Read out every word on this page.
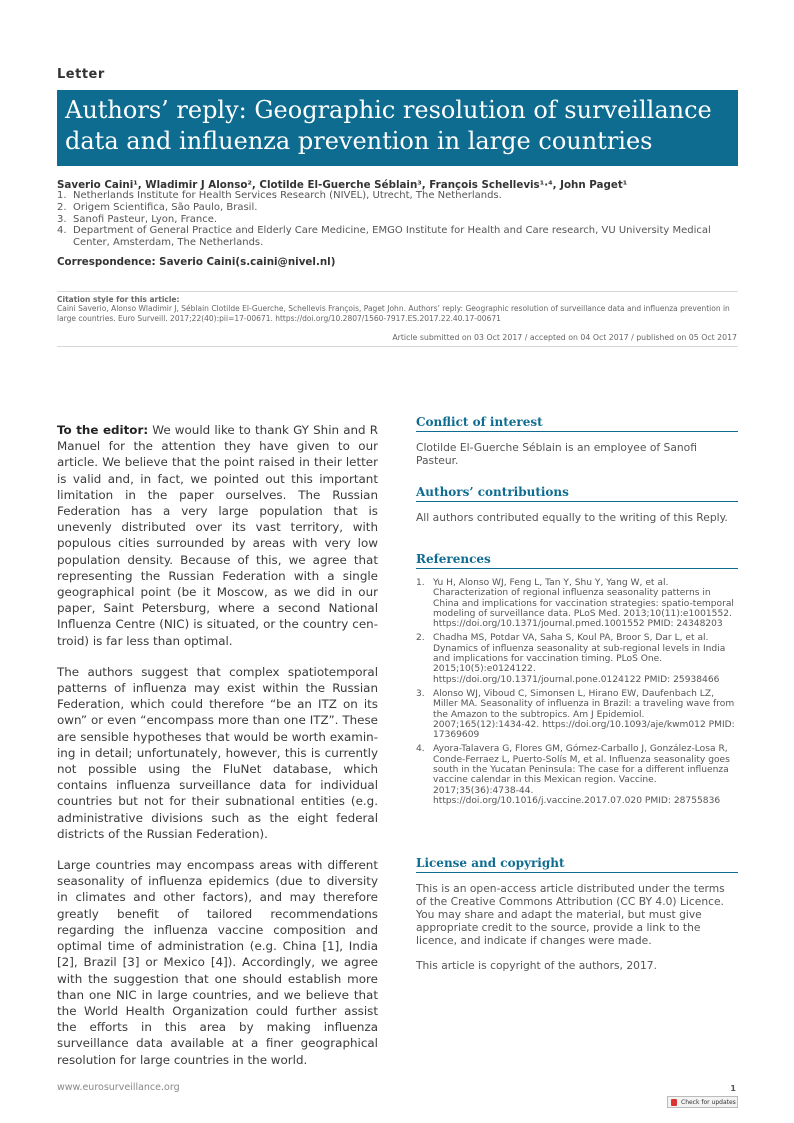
Letter
Authors’ reply: Geographic resolution of surveillance
data and influenza prevention in large countries
Saverio Caini¹, Wladimir J Alonso², Clotilde El-Guerche Séblain³, François Schellevis¹·⁴, John Paget¹
1. Netherlands Institute for Health Services Research (NIVEL), Utrecht, The Netherlands.
2. Origem Scientifica, São Paulo, Brasil.
3. Sanofi Pasteur, Lyon, France.
4. Department of General Practice and Elderly Care Medicine, EMGO Institute for Health and Care research, VU University Medical Center, Amsterdam, The Netherlands.
Correspondence: Saverio Caini(s.caini@nivel.nl)
Citation style for this article:
Caini Saverio, Alonso Wladimir J, Séblain Clotilde El-Guerche, Schellevis François, Paget John. Authors’ reply: Geographic resolution of surveillance data and influenza prevention in large countries. Euro Surveill. 2017;22(40):pii=17-00671. https://doi.org/10.2807/1560-7917.ES.2017.22.40.17-00671
Article submitted on 03 Oct 2017 / accepted on 04 Oct 2017 / published on 05 Oct 2017

To the editor: We would like to thank GY Shin and R Manuel for the attention they have given to our article. We believe that the point raised in their letter is valid and, in fact, we pointed out this important limitation in the paper ourselves. The Russian Federation has a very large population that is unevenly distributed over its vast territory, with populous cities surrounded by areas with very low population density. Because of this, we agree that representing the Russian Federation with a single geographical point (be it Moscow, as we did in our paper, Saint Petersburg, where a second National Influenza Centre (NIC) is situated, or the country centroid) is far less than optimal.

The authors suggest that complex spatiotemporal patterns of influenza may exist within the Russian Federation, which could therefore “be an ITZ on its own” or even “encompass more than one ITZ”. These are sensible hypotheses that would be worth examining in detail; unfortunately, however, this is currently not possible using the FluNet database, which contains influenza surveillance data for individual countries but not for their subnational entities (e.g. administrative divisions such as the eight federal districts of the Russian Federation).

Large countries may encompass areas with different seasonality of influenza epidemics (due to diversity in climates and other factors), and may therefore greatly benefit of tailored recommendations regarding the influenza vaccine composition and optimal time of administration (e.g. China [1], India [2], Brazil [3] or Mexico [4]). Accordingly, we agree with the suggestion that one should establish more than one NIC in large countries, and we believe that the World Health Organization could further assist the efforts in this area by making influenza surveillance data available at a finer geographical resolution for large countries in the world.

Conflict of interest
Clotilde El-Guerche Séblain is an employee of Sanofi Pasteur.
Authors’ contributions
All authors contributed equally to the writing of this Reply.
References
1. Yu H, Alonso WJ, Feng L, Tan Y, Shu Y, Yang W, et al. Characterization of regional influenza seasonality patterns in China and implications for vaccination strategies: spatio-temporal modeling of surveillance data. PLoS Med. 2013;10(11):e1001552. https://doi.org/10.1371/journal.pmed.1001552 PMID: 24348203
2. Chadha MS, Potdar VA, Saha S, Koul PA, Broor S, Dar L, et al. Dynamics of influenza seasonality at sub-regional levels in India and implications for vaccination timing. PLoS One. 2015;10(5):e0124122. https://doi.org/10.1371/journal.pone.0124122 PMID: 25938466
3. Alonso WJ, Viboud C, Simonsen L, Hirano EW, Daufenbach LZ, Miller MA. Seasonality of influenza in Brazil: a traveling wave from the Amazon to the subtropics. Am J Epidemiol. 2007;165(12):1434-42. https://doi.org/10.1093/aje/kwm012 PMID: 17369609
4. Ayora-Talavera G, Flores GM, Gómez-Carballo J, González-Losa R, Conde-Ferraez L, Puerto-Solís M, et al. Influenza seasonality goes south in the Yucatan Peninsula: The case for a different influenza vaccine calendar in this Mexican region. Vaccine. 2017;35(36):4738-44. https://doi.org/10.1016/j.vaccine.2017.07.020 PMID: 28755836
License and copyright
This is an open-access article distributed under the terms of the Creative Commons Attribution (CC BY 4.0) Licence. You may share and adapt the material, but must give appropriate credit to the source, provide a link to the licence, and indicate if changes were made.
This article is copyright of the authors, 2017.
www.eurosurveillance.org	1
Check for updates
